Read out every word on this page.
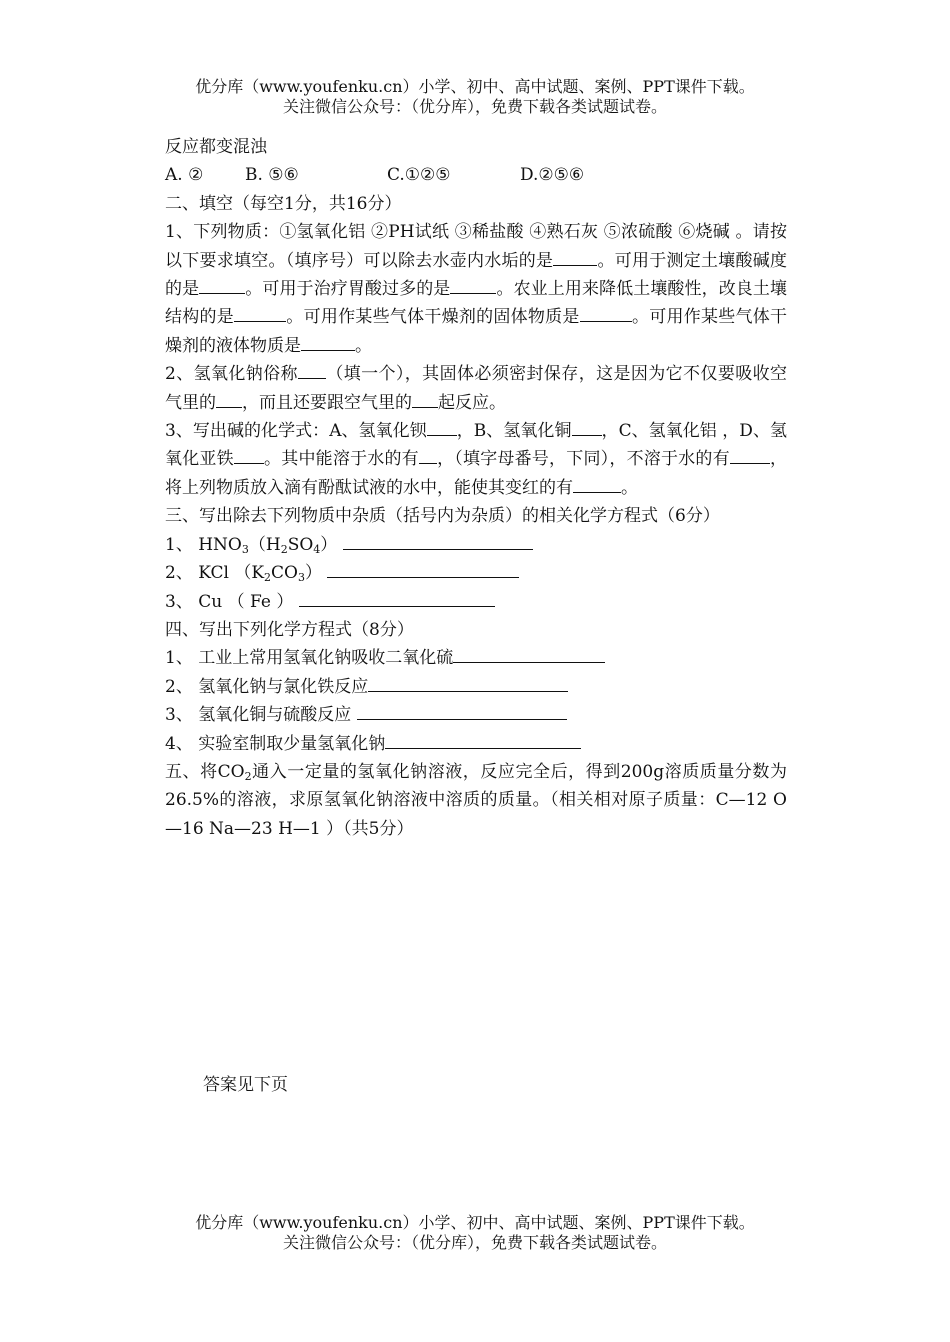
优分库（www.youfenku.cn）小学、初中、高中试题、案例、PPT课件下载。
关注微信公众号：（优分库），免费下载各类试题试卷。

反应都变混浊

A. ② B. ⑤⑥	C.①②⑤	D.②⑤⑥

二、填空（每空1分，共16分）

1、下列物质：①氢氧化铝 ②PH试纸 ③稀盐酸 ④熟石灰 ⑤浓硫酸 ⑥烧碱 。请按以下要求填空。（填序号）可以除去水壶内水垢的是	。可用于测定土壤酸碱度的是	。可用于治疗胃酸过多的是	。农业上用来降低土壤酸性，改良土壤结构的是	。可用作某些气体干燥剂的固体物质是	。可用作某些气体干燥剂的液体物质是	。

2、氢氧化钠俗称 （填一个），其固体必须密封保存，这是因为它不仅要吸收空气里的 ，而且还要跟空气里的 起反应。

3、写出碱的化学式：A、氢氧化钡 ，B、氢氧化铜 ，C、氢氧化铝 ，D、氢氧化亚铁 。其中能溶于水的有 ，（填字母番号，下同），不溶于水的有 ，将上列物质放入滴有酚酞试液的水中，能使其变红的有	。

三、写出除去下列物质中杂质（括号内为杂质）的相关化学方程式（6分）

1、 $HNO_3(H_2SO_4)$

2、 KCl $(K_2CO_3)$

3、 Cu （ Fe ）

四、写出下列化学方程式（8分）

1、 工业上常用氢氧化钠吸收二氧化硫

2、 氢氧化钠与氯化铁反应

3、 氢氧化铜与硫酸反应

4、 实验室制取少量氢氧化钠

五、将$CO_2$通入一定量的氢氧化钠溶液，反应完全后，得到200g溶质质量分数为26.5%的溶液，求原氢氧化钠溶液中溶质的质量。（相关相对原子质量：C—12 O—16 Na—23 H—1 ）（共5分）

答案见下页
优分库（www.youfenku.cn）小学、初中、高中试题、案例、PPT课件下载。
关注微信公众号：（优分库），免费下载各类试题试卷。
